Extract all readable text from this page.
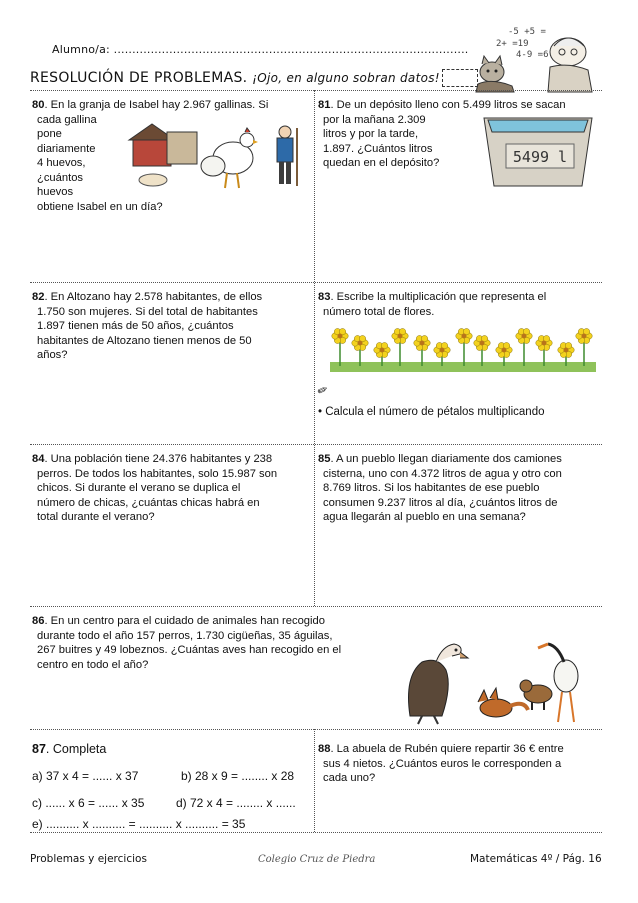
Alumno/a: ................................................................................................
-5 +5 =
2+ =19
4-9 =6
RESOLUCIÓN DE PROBLEMAS. ¡Ojo, en alguno sobran datos!
80. En la granja de Isabel hay 2.967 gallinas. Si
cada gallina
pone
diariamente
4 huevos,
¿cuántos
huevos
obtiene Isabel en un día?
81. De un depósito lleno con 5.499 litros se sacan
por la mañana 2.309
litros y por la tarde,
1.897. ¿Cuántos litros
quedan en el depósito?	5499 l
82. En Altozano hay 2.578 habitantes, de ellos
1.750 son mujeres. Si del total de habitantes
1.897 tienen más de 50 años, ¿cuántos
habitantes de Altozano tienen menos de 50
años?
83. Escribe la multiplicación que representa el
número total de flores.
✎
• Calcula el número de pétalos multiplicando
84. Una población tiene 24.376 habitantes y 238
perros. De todos los habitantes, solo 15.987 son
chicos. Si durante el verano se duplica el
número de chicas, ¿cuántas chicas habrá en
total durante el verano?
85. A un pueblo llegan diariamente dos camiones
cisterna, uno con 4.372 litros de agua y otro con
8.769 litros. Si los habitantes de ese pueblo
consumen 9.237 litros al día, ¿cuántos litros de
agua llegarán al pueblo en una semana?
86. En un centro para el cuidado de animales han recogido
durante todo el año 157 perros, 1.730 cigüeñas, 35 águilas,
267 buitres y 49 lobeznos. ¿Cuántas aves han recogido en el
centro en todo el año?
87. Completa
a) 37 x 4 = ...... x 37	b) 28 x 9 = ........ x 28
c) ...... x 6 = ...... x 35	d) 72 x 4 = ........ x ......
e) .......... x .......... = .......... x .......... = 35
88. La abuela de Rubén quiere repartir 36 € entre
sus 4 nietos. ¿Cuántos euros le corresponden a
cada uno?
Problemas y ejercicios	Colegio Cruz de Piedra	Matemáticas 4º / Pág. 16
